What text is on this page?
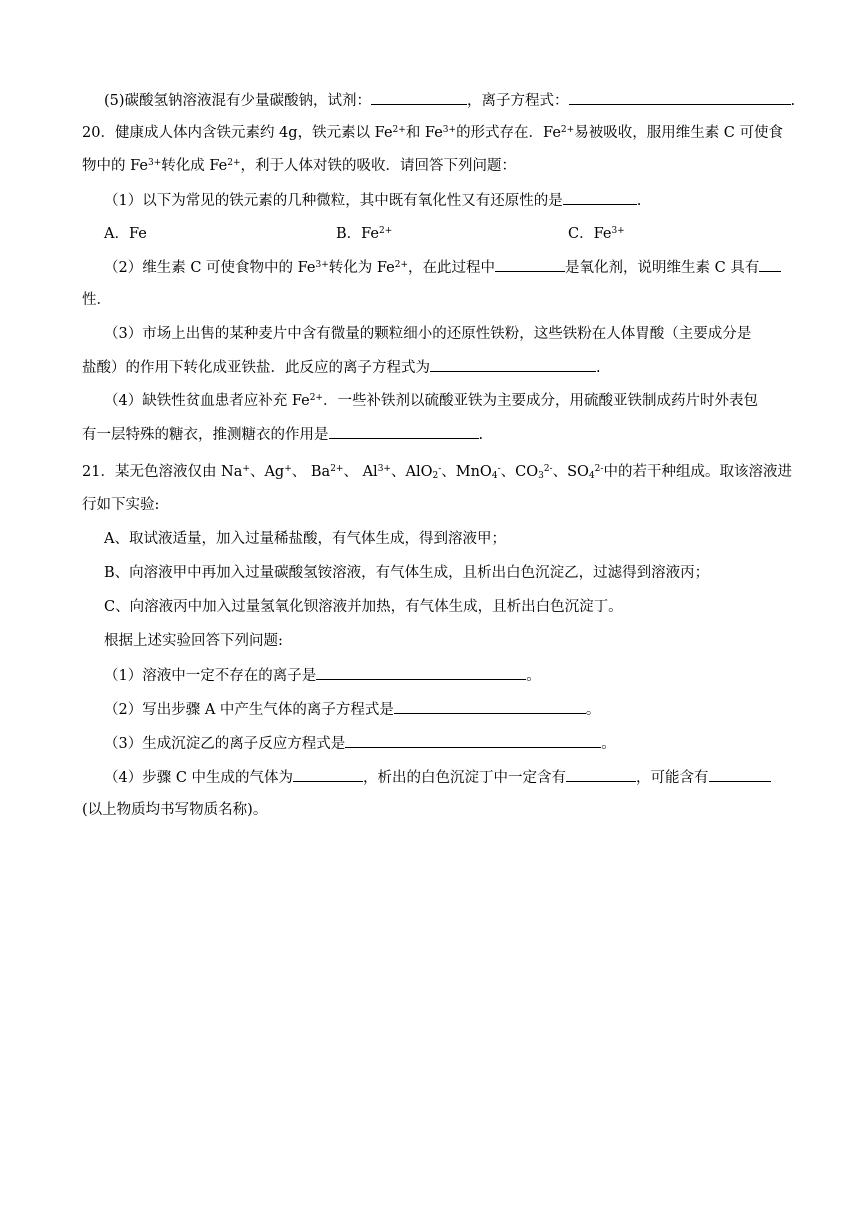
(5)碳酸氢钠溶液混有少量碳酸钠，试剂：	，离子方程式：	.
20．健康成人体内含铁元素约 4g，铁元素以 $Fe^{2+}$和 $Fe^{3+}$的形式存在．$Fe^{2+}$易被吸收，服用维生素 C 可使食
物中的 $Fe^{3+}$转化成 $Fe^{2+}$，利于人体对铁的吸收．请回答下列问题：
（1）以下为常见的铁元素的几种微粒，其中既有氧化性又有还原性的是	.
A．Fe	B．$Fe^{2+}$	C．$Fe^{3+}$
（2）维生素 C 可使食物中的 $Fe^{3+}$转化为 $Fe^{2+}$，在此过程中	是氧化剂，说明维生素 C 具有
性．
（3）市场上出售的某种麦片中含有微量的颗粒细小的还原性铁粉，这些铁粉在人体胃酸（主要成分是
盐酸）的作用下转化成亚铁盐．此反应的离子方程式为	.
（4）缺铁性贫血患者应补充 $Fe^{2+}$．一些补铁剂以硫酸亚铁为主要成分，用硫酸亚铁制成药片时外表包
有一层特殊的糖衣，推测糖衣的作用是	.
21．某无色溶液仅由 Na+、Ag+、 $Ba^{2+}$、 $Al^{3+}$、AlO$_2$-、MnO$_4$-、$CO_3^{2-}$、$SO_4^{2-}$中的若干种组成。取该溶液进
行如下实验:
A、取试液适量，加入过量稀盐酸，有气体生成，得到溶液甲；
B、向溶液甲中再加入过量碳酸氢铵溶液，有气体生成，且析出白色沉淀乙，过滤得到溶液丙；
C、向溶液丙中加入过量氢氧化钡溶液并加热，有气体生成，且析出白色沉淀丁。
根据上述实验回答下列问题:
（1）溶液中一定不存在的离子是	。
（2）写出步骤 A 中产生气体的离子方程式是	。
（3）生成沉淀乙的离子反应方程式是	。
（4）步骤 C 中生成的气体为	，析出的白色沉淀丁中一定含有	，可能含有
(以上物质均书写物质名称)。
